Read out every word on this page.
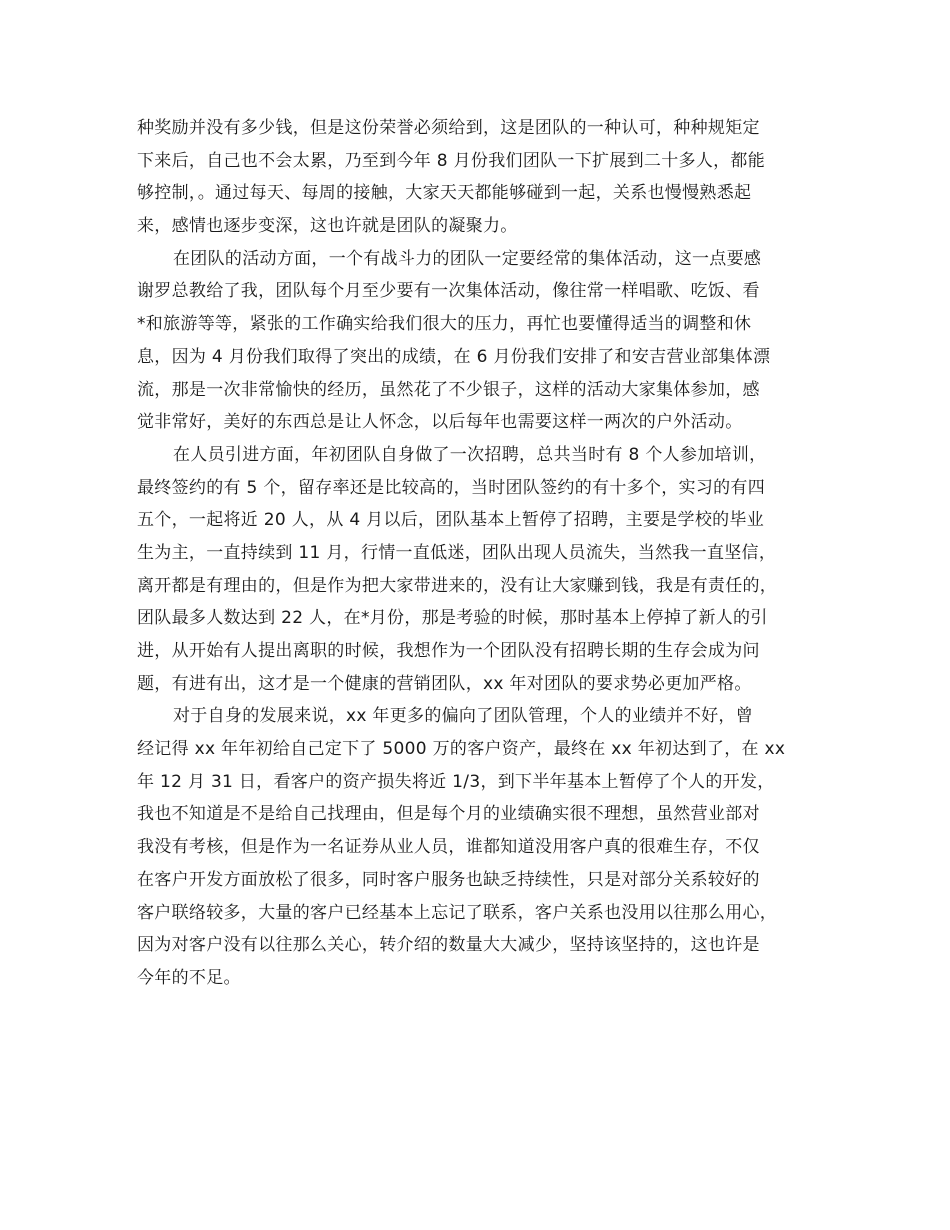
种奖励并没有多少钱，但是这份荣誉必须给到，这是团队的一种认可，种种规矩定
下来后，自己也不会太累，乃至到今年 8 月份我们团队一下扩展到二十多人，都能
够控制，。通过每天、每周的接触，大家天天都能够碰到一起，关系也慢慢熟悉起
来，感情也逐步变深，这也许就是团队的凝聚力。
在团队的活动方面，一个有战斗力的团队一定要经常的集体活动，这一点要感
谢罗总教给了我，团队每个月至少要有一次集体活动，像往常一样唱歌、吃饭、看
*和旅游等等，紧张的工作确实给我们很大的压力，再忙也要懂得适当的调整和休
息，因为 4 月份我们取得了突出的成绩，在 6 月份我们安排了和安吉营业部集体漂
流，那是一次非常愉快的经历，虽然花了不少银子，这样的活动大家集体参加，感
觉非常好，美好的东西总是让人怀念，以后每年也需要这样一两次的户外活动。
在人员引进方面，年初团队自身做了一次招聘，总共当时有 8 个人参加培训，
最终签约的有 5 个，留存率还是比较高的，当时团队签约的有十多个，实习的有四
五个，一起将近 20 人，从 4 月以后，团队基本上暂停了招聘，主要是学校的毕业
生为主，一直持续到 11 月，行情一直低迷，团队出现人员流失，当然我一直坚信，
离开都是有理由的，但是作为把大家带进来的，没有让大家赚到钱，我是有责任的，
团队最多人数达到 22 人，在*月份，那是考验的时候，那时基本上停掉了新人的引
进，从开始有人提出离职的时候，我想作为一个团队没有招聘长期的生存会成为问
题，有进有出，这才是一个健康的营销团队，xx 年对团队的要求势必更加严格。
对于自身的发展来说，xx 年更多的偏向了团队管理，个人的业绩并不好，曾
经记得 xx 年年初给自己定下了 5000 万的客户资产，最终在 xx 年初达到了，在 xx
年 12 月 31 日，看客户的资产损失将近 1/3，到下半年基本上暂停了个人的开发，
我也不知道是不是给自己找理由，但是每个月的业绩确实很不理想，虽然营业部对
我没有考核，但是作为一名证券从业人员，谁都知道没用客户真的很难生存，不仅
在客户开发方面放松了很多，同时客户服务也缺乏持续性，只是对部分关系较好的
客户联络较多，大量的客户已经基本上忘记了联系，客户关系也没用以往那么用心，
因为对客户没有以往那么关心，转介绍的数量大大减少，坚持该坚持的，这也许是
今年的不足。
